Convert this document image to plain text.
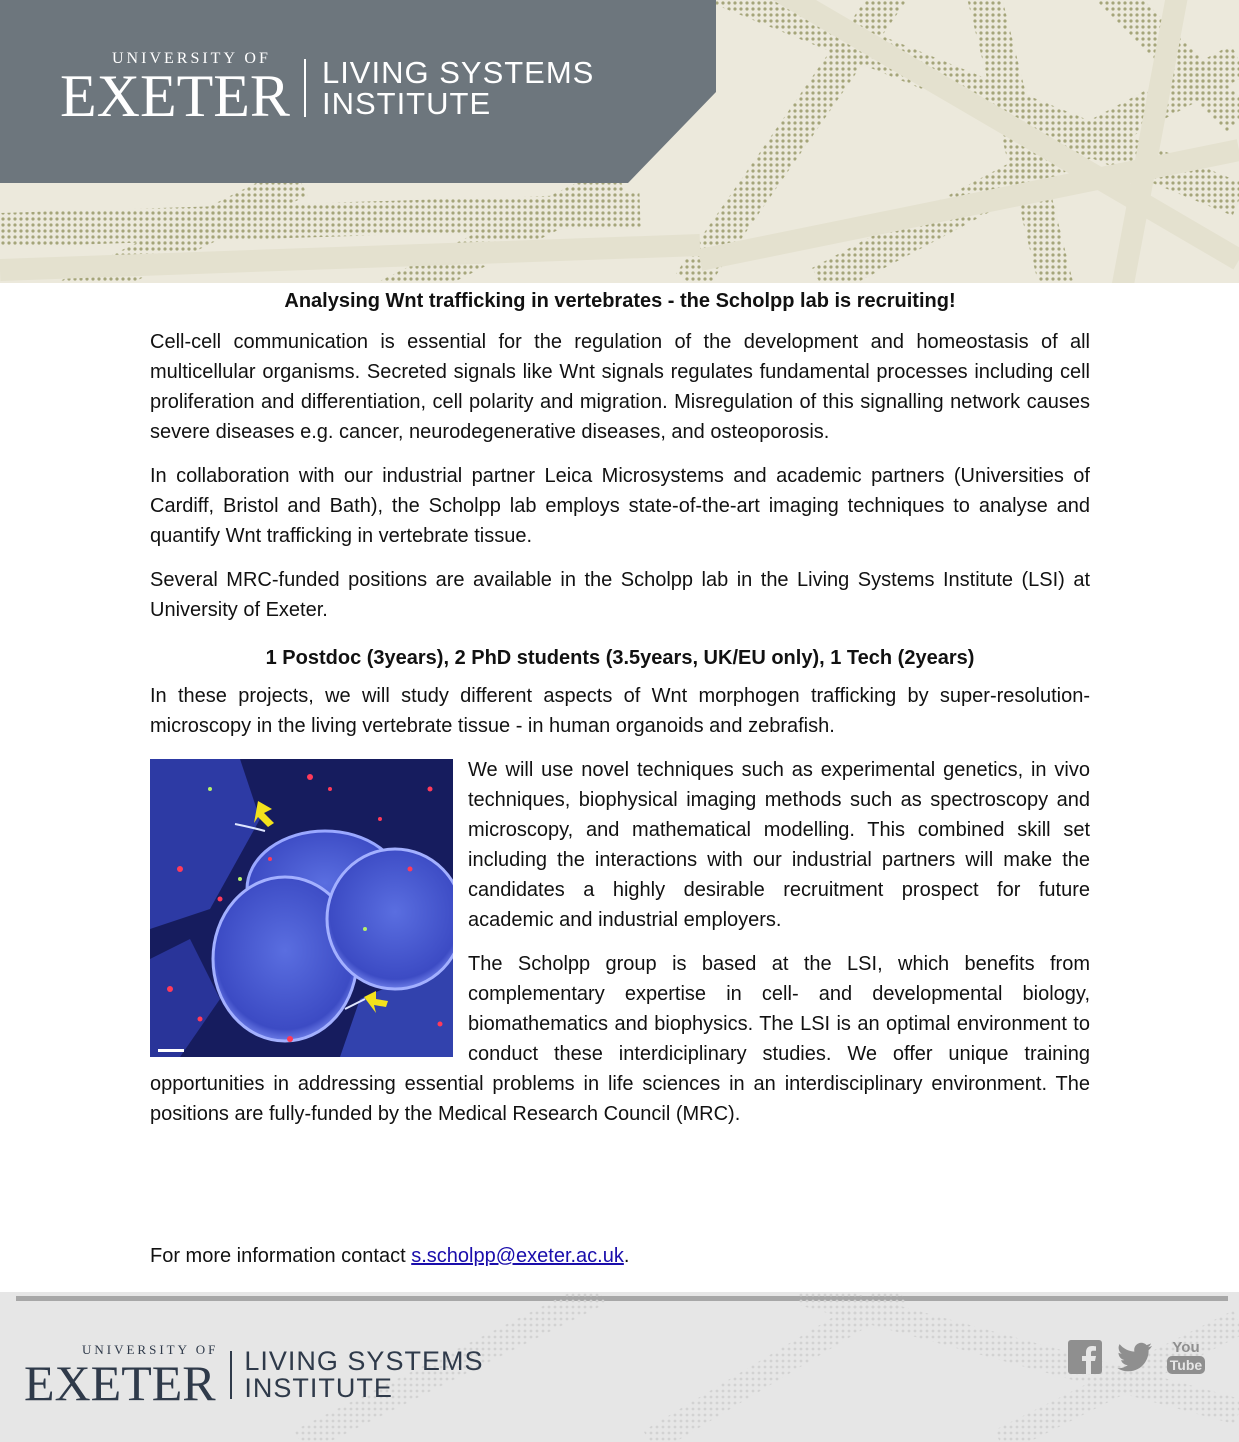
UNIVERSITY OF
EXETER LIVING SYSTEMS
INSTITUTE
Analysing Wnt trafficking in vertebrates - the Scholpp lab is recruiting!

Cell-cell communication is essential for the regulation of the development and homeostasis of all multicellular organisms. Secreted signals like Wnt signals regulates fundamental processes including cell proliferation and differentiation, cell polarity and migration. Misregulation of this signalling network causes severe diseases e.g. cancer, neurodegenerative diseases, and osteoporosis.

In collaboration with our industrial partner Leica Microsystems and academic partners (Universities of Cardiff, Bristol and Bath), the Scholpp lab employs state-of-the-art imaging techniques to analyse and quantify Wnt trafficking in vertebrate tissue.

Several MRC-funded positions are available in the Scholpp lab in the Living Systems Institute (LSI) at University of Exeter.

1 Postdoc (3years), 2 PhD students (3.5years, UK/EU only), 1 Tech (2years)

In these projects, we will study different aspects of Wnt morphogen trafficking by super-resolution-microscopy in the living vertebrate tissue - in human organoids and zebrafish.

We will use novel techniques such as experimental genetics, in vivo techniques, biophysical imaging methods such as spectroscopy and microscopy, and mathematical modelling. This combined skill set including the interactions with our industrial partners will make the candidates a highly desirable recruitment prospect for future academic and industrial employers.

The Scholpp group is based at the LSI, which benefits from complementary expertise in cell- and developmental biology, biomathematics and biophysics. The LSI is an optimal environment to conduct these interdiciplinary studies. We offer unique training opportunities in addressing essential problems in life sciences in an interdisciplinary environment. The positions are fully-funded by the Medical Research Council (MRC).

For more information contact s.scholpp@exeter.ac.uk.
UNIVERSITY OF
EXETER LIVING SYSTEMS
INSTITUTE
You
Tube
